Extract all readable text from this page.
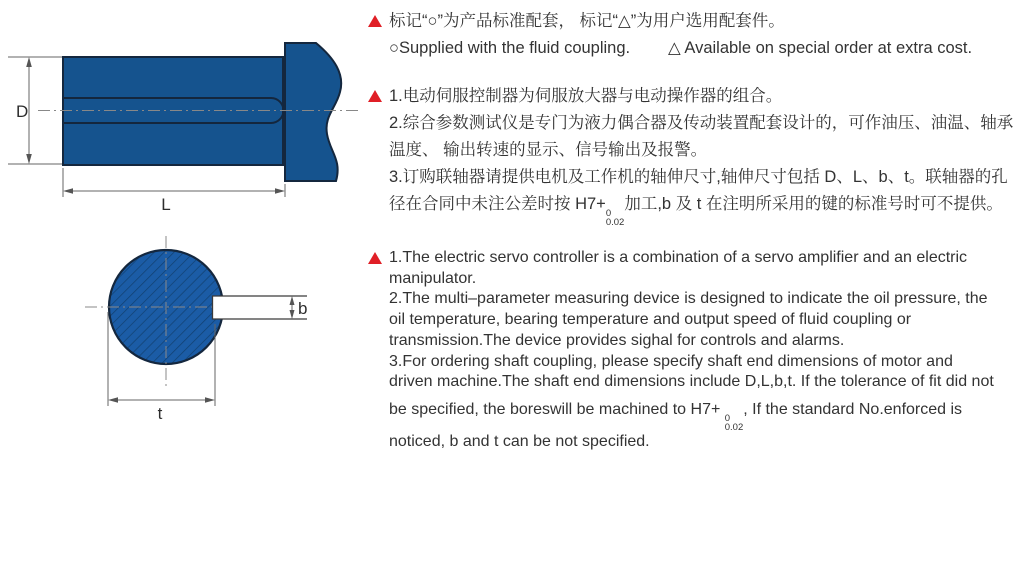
D
L
b
t
标记“○”为产品标准配套， 标记“△”为用户选用配套件。
○Supplied with the fluid coupling. △ Available on special order at extra cost.
1.电动伺服控制器为伺服放大器与电动操作器的组合。
2.综合参数测试仪是专门为液力偶合器及传动装置配套设计的，可作油压、油温、轴承
温度、 输出转速的显示、信号输出及报警。
3.订购联轴器请提供电机及工作机的轴伸尺寸,轴伸尺寸包括 D、L、b、t。联轴器的孔
径在合同中未注公差时按 H7+
0
0.02
加工,b 及 t 在注明所采用的键的标准号时可不提供。
1.The electric servo controller is a combination of a servo amplifier and an electric
manipulator.
2.The multi–parameter measuring device is designed to indicate the oil pressure, the
oil temperature, bearing temperature and output speed of fluid coupling or
transmission.The device provides sighal for controls and alarms.
3.For ordering shaft coupling, please specify shaft end dimensions of motor and
driven machine.The shaft end dimensions include D,L,b,t. If the tolerance of fit did not
be specified, the boreswill be machined to H7+
0
0.02
, If the standard No.enforced is
noticed, b and t can be not specified.
